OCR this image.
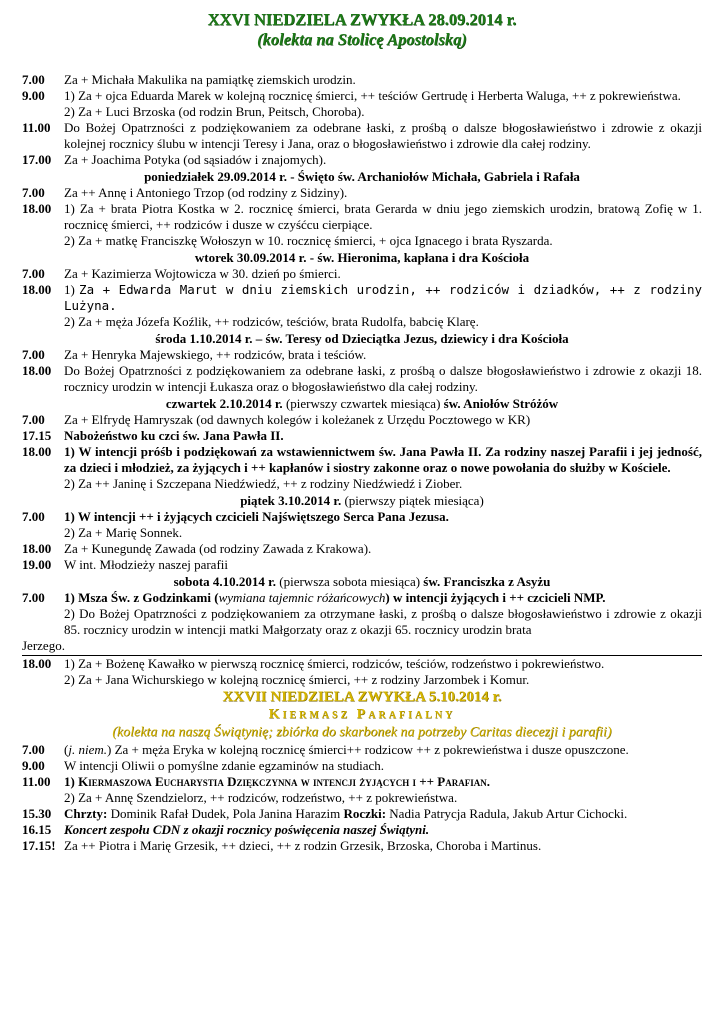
XXVI NIEDZIELA ZWYKŁA 28.09.2014 r.
(kolekta na Stolicę Apostolską)
7.00	Za + Michała Makulika na pamiątkę ziemskich urodzin.
9.00	1) Za + ojca Eduarda Marek w kolejną rocznicę śmierci, ++ teściów Gertrudę i Herberta Waluga, ++ z pokrewieństwa.
2) Za + Luci Brzoska (od rodzin Brun, Peitsch, Choroba).
11.00	Do Bożej Opatrzności z podziękowaniem za odebrane łaski, z prośbą o dalsze błogosławieństwo i zdrowie z okazji kolejnej rocznicy ślubu w intencji Teresy i Jana, oraz o błogosławieństwo i zdrowie dla całej rodziny.
17.00 Za + Joachima Potyka (od sąsiadów i znajomych).
poniedziałek 29.09.2014 r. - Święto św. Archaniołów Michała, Gabriela i Rafała
7.00	Za ++ Annę i Antoniego Trzop (od rodziny z Sidziny).
18.00 1) Za + brata Piotra Kostka w 2. rocznicę śmierci, brata Gerarda w dniu jego ziemskich urodzin, bratową Zofię w 1. rocznicę śmierci, ++ rodziców i dusze w czyśćcu cierpiące.
2) Za + matkę Franciszkę Wołoszyn w 10. rocznicę śmierci, + ojca Ignacego i brata Ryszarda.
wtorek 30.09.2014 r. - św. Hieronima, kapłana i dra Kościoła
7.00	Za + Kazimierza Wojtowicza w 30. dzień po śmierci.
18.00 1) Za + Edwarda Marut w dniu ziemskich urodzin, ++ rodziców i dziadków, ++ z rodziny Lużyna.
2) Za + męża Józefa Koźlik, ++ rodziców, teściów, brata Rudolfa, babcię Klarę.
środa 1.10.2014 r. – św. Teresy od Dzieciątka Jezus, dziewicy i dra Kościoła
7.00	Za + Henryka Majewskiego, ++ rodziców, brata i teściów.
18.00 Do Bożej Opatrzności z podziękowaniem za odebrane łaski, z prośbą o dalsze błogosławieństwo i zdrowie z okazji 18. rocznicy urodzin w intencji Łukasza oraz o błogosławieństwo dla całej rodziny.
czwartek 2.10.2014 r. (pierwszy czwartek miesiąca) św. Aniołów Stróżów
7.00	Za + Elfrydę Hamryszak (od dawnych kolegów i koleżanek z Urzędu Pocztowego w KR)
17.15 Nabożeństwo ku czci św. Jana Pawła II.
18.00 1) W intencji próśb i podziękowań za wstawiennictwem św. Jana Pawła II. Za rodziny naszej Parafii i jej jedność, za dzieci i młodzież, za żyjących i ++ kapłanów i siostry zakonne oraz o nowe powołania do służby w Kościele.
2) Za ++ Janinę i Szczepana Niedźwiedź, ++ z rodziny Niedźwiedź i Ziober.
piątek 3.10.2014 r. (pierwszy piątek miesiąca)
7.00	1) W intencji ++ i żyjących czcicieli Najświętszego Serca Pana Jezusa.
2) Za + Marię Sonnek.
18.00 Za + Kunegundę Zawada (od rodziny Zawada z Krakowa).
19.00 W int. Młodzieży naszej parafii
sobota 4.10.2014 r. (pierwsza sobota miesiąca) św. Franciszka z Asyżu
7.00	1) Msza Św. z Godzinkami (wymiana tajemnic różańcowych) w intencji żyjących i ++ czcicieli NMP.
2) Do Bożej Opatrzności z podziękowaniem za otrzymane łaski, z prośbą o dalsze błogosławieństwo i zdrowie z okazji 85. rocznicy urodzin w intencji matki Małgorzaty oraz z okazji 65. rocznicy urodzin brata
Jerzego.
18.00 1) Za + Bożenę Kawałko w pierwszą rocznicę śmierci, rodziców, teściów, rodzeństwo i pokrewieństwo.
2) Za + Jana Wichurskiego w kolejną rocznicę śmierci, ++ z rodziny Jarzombek i Komur.
XXVII NIEDZIELA ZWYKŁA 5.10.2014 r.
Kiermasz Parafialny
(kolekta na naszą Świątynię; zbiórka do skarbonek na potrzeby Caritas diecezji i parafii)
7.00	(j. niem.) Za + męża Eryka w kolejną rocznicę śmierci++ rodzicow ++ z pokrewieństwa i dusze opuszczone.
9.00	W intencji Oliwii o pomyślne zdanie egzaminów na studiach.
11.00	1) Kiermaszowa Eucharystia Dziękczynna w intencji żyjących i ++ Parafian.
2) Za + Annę Szendzielorz, ++ rodziców, rodzeństwo, ++ z pokrewieństwa.
15.30 Chrzty: Dominik Rafał Dudek, Pola Janina Harazim Roczki: Nadia Patrycja Radula, Jakub Artur Cichocki.
16.15 Koncert zespołu CDN z okazji rocznicy poświęcenia naszej Świątyni.
17.15! Za ++ Piotra i Marię Grzesik, ++ dzieci, ++ z rodzin Grzesik, Brzoska, Choroba i Martinus.
